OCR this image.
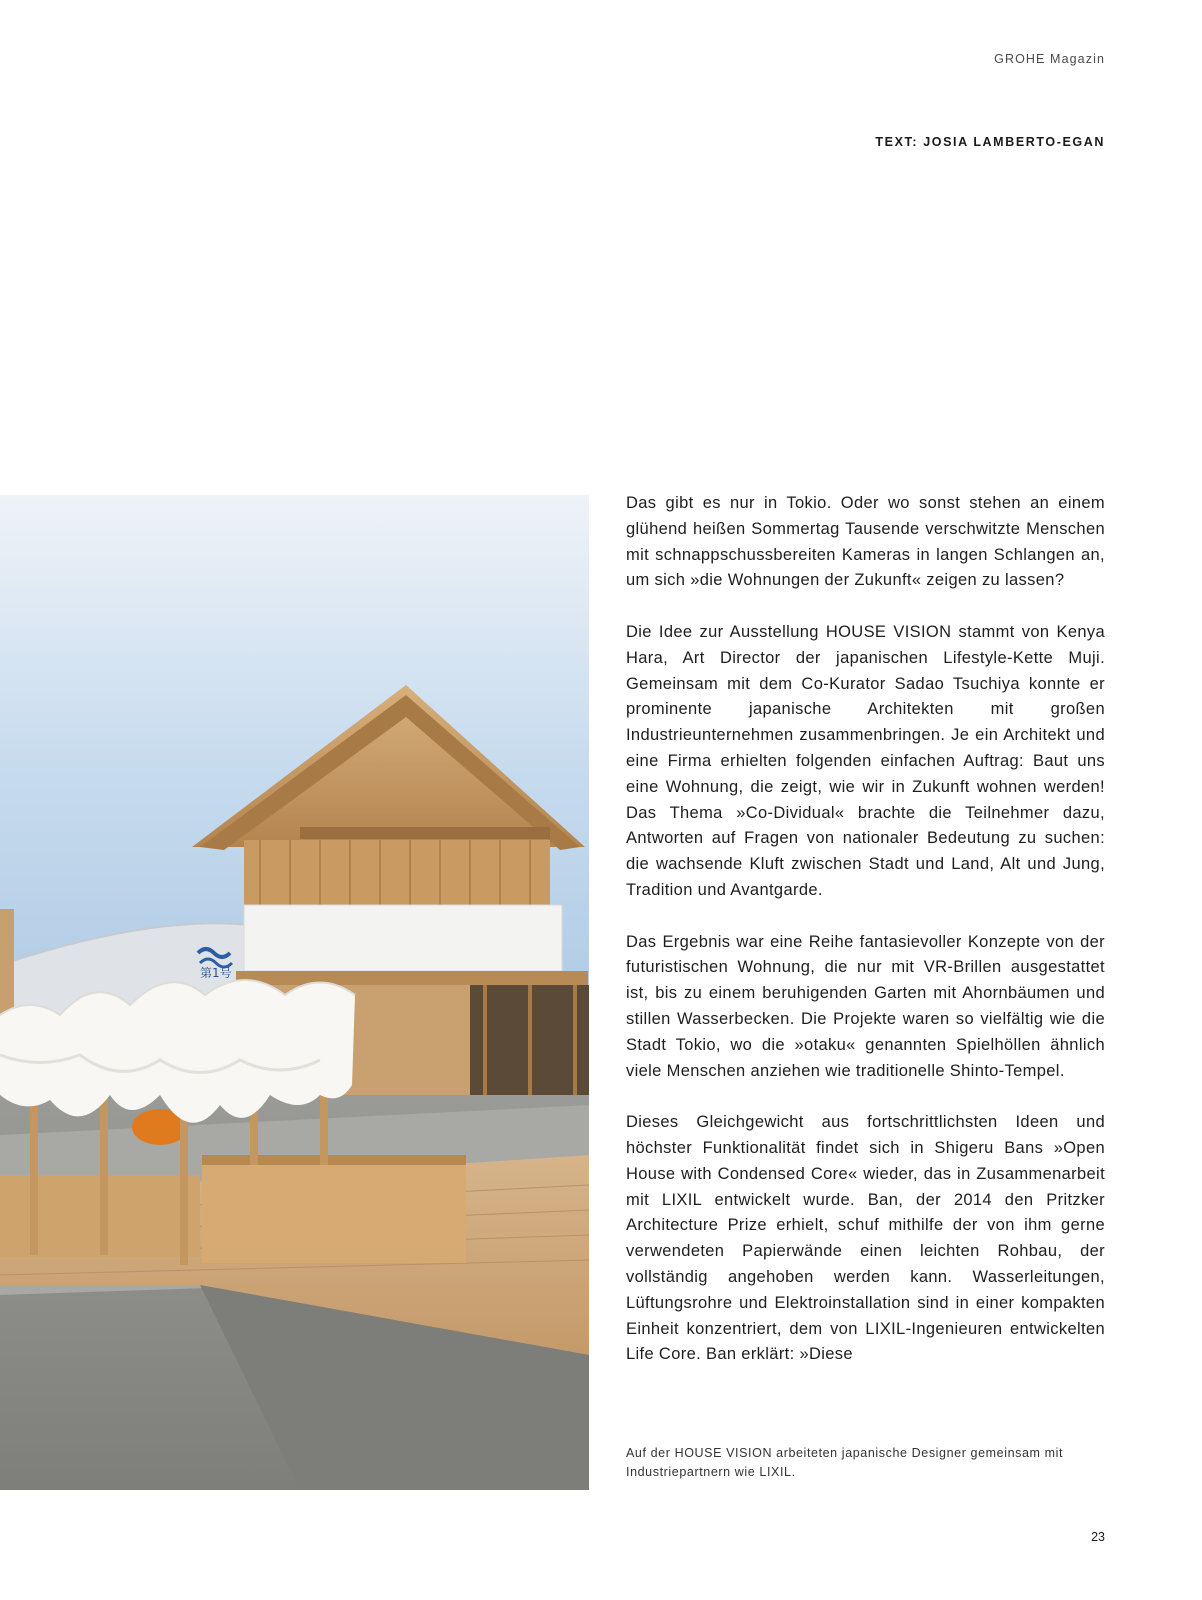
GROHE Magazin
TEXT: JOSIA LAMBERTO-EGAN
第1号

Das gibt es nur in Tokio. Oder wo sonst stehen an einem glühend heißen Sommertag Tausende verschwitzte Menschen mit schnappschussbereiten Kameras in langen Schlangen an, um sich »die Wohnungen der Zukunft« zeigen zu lassen?

Die Idee zur Ausstellung HOUSE VISION stammt von Kenya Hara, Art Director der japanischen Lifestyle-Kette Muji. Gemeinsam mit dem Co-Kurator Sadao Tsuchiya konnte er prominente japanische Architekten mit großen Industrieunternehmen zusammenbringen. Je ein Architekt und eine Firma erhielten folgenden einfachen Auftrag: Baut uns eine Wohnung, die zeigt, wie wir in Zukunft wohnen werden! Das Thema »Co-Dividual« brachte die Teilnehmer dazu, Antworten auf Fragen von nationaler Bedeutung zu suchen: die wachsende Kluft zwischen Stadt und Land, Alt und Jung, Tradition und Avantgarde.

Das Ergebnis war eine Reihe fantasievoller Konzepte von der futuristischen Wohnung, die nur mit VR-Brillen ausgestattet ist, bis zu einem beruhigenden Garten mit Ahornbäumen und stillen Wasserbecken. Die Projekte waren so vielfältig wie die Stadt Tokio, wo die »otaku« genannten Spielhöllen ähnlich viele Menschen anziehen wie traditionelle Shinto-Tempel.

Dieses Gleichgewicht aus fortschrittlichsten Ideen und höchster Funktionalität findet sich in Shigeru Bans »Open House with Condensed Core« wieder, das in Zusammenarbeit mit LIXIL entwickelt wurde. Ban, der 2014 den Pritzker Architecture Prize erhielt, schuf mithilfe der von ihm gerne verwendeten Papierwände einen leichten Rohbau, der vollständig angehoben werden kann. Wasserleitungen, Lüftungsrohre und Elektroinstallation sind in einer kompakten Einheit konzentriert, dem von LIXIL-Ingenieuren entwickelten Life Core. Ban erklärt: »Diese

Auf der HOUSE VISION arbeiteten japanische Designer gemeinsam mit Industriepartnern wie LIXIL.
23
